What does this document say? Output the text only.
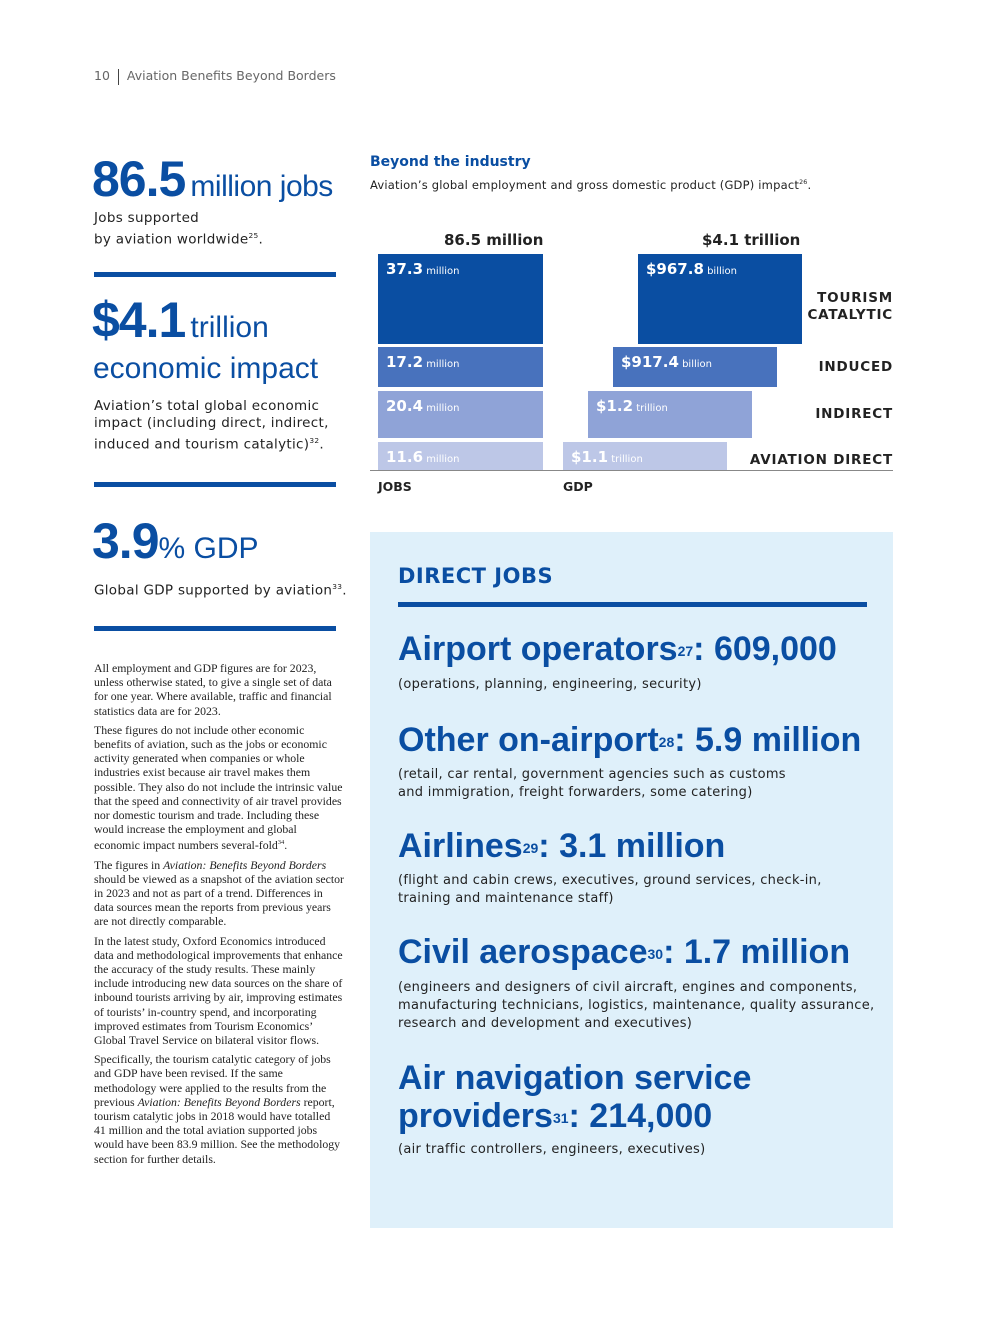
10 Aviation Benefits Beyond Borders
86.5 million jobs
Jobs supported
by aviation worldwide$^{25}$.
$4.1 trillion
economic impact
Aviation’s total global economic
impact (including direct, indirect,
induced and tourism catalytic)$^{32}$.
3.9% GDP
Global GDP supported by aviation$^{33}$.

All employment and GDP figures are for 2023, unless otherwise stated, to give a single set of data for one year. Where available, traffic and financial statistics data are for 2023.

These figures do not include other economic benefits of aviation, such as the jobs or economic activity generated when companies or whole industries exist because air travel makes them possible. They also do not include the intrinsic value that the speed and connectivity of air travel provides nor domestic tourism and trade. Including these would increase the employment and global economic impact numbers several-fold$^{34}$.

The figures in Aviation: Benefits Beyond Borders should be viewed as a snapshot of the aviation sector in 2023 and not as part of a trend. Differences in data sources mean the reports from previous years are not directly comparable.

In the latest study, Oxford Economics introduced data and methodological improvements that enhance the accuracy of the study results. These mainly include introducing new data sources on the share of inbound tourists arriving by air, improving estimates of tourists’ in-country spend, and incorporating improved estimates from Tourism Economics’ Global Travel Service on bilateral visitor flows.

Specifically, the tourism catalytic category of jobs and GDP have been revised. If the same methodology were applied to the results from the previous Aviation: Benefits Beyond Borders report, tourism catalytic jobs in 2018 would have totalled 41 million and the total aviation supported jobs would have been 83.9 million. See the methodology section for further details.

Beyond the industry
Aviation’s global employment and gross domestic product (GDP) impact$^{26}$.
86.5 million	$4.1 trillion
JOBS	GDP
37.3 million	$967.8 billion
TOURISM
CATALYTIC
17.2 million	$917.4 billion	INDUCED
20.4 million	$1.2 trillion	INDIRECT
11.6 million	$1.1 trillion	AVIATION DIRECT
DIRECT JOBS
Airport operators$^{27}$: 609,000
(operations, planning, engineering, security)
Other on-airport$^{28}$: 5.9 million
(retail, car rental, government agencies such as customs
and immigration, freight forwarders, some catering)
Airlines$^{29}$: 3.1 million
(flight and cabin crews, executives, ground services, check-in,
training and maintenance staff)
Civil aerospace$^{30}$: 1.7 million
(engineers and designers of civil aircraft, engines and components,
manufacturing technicians, logistics, maintenance, quality assurance,
research and development and executives)
Air navigation service
providers$^{31}$: 214,000
(air traffic controllers, engineers, executives)
